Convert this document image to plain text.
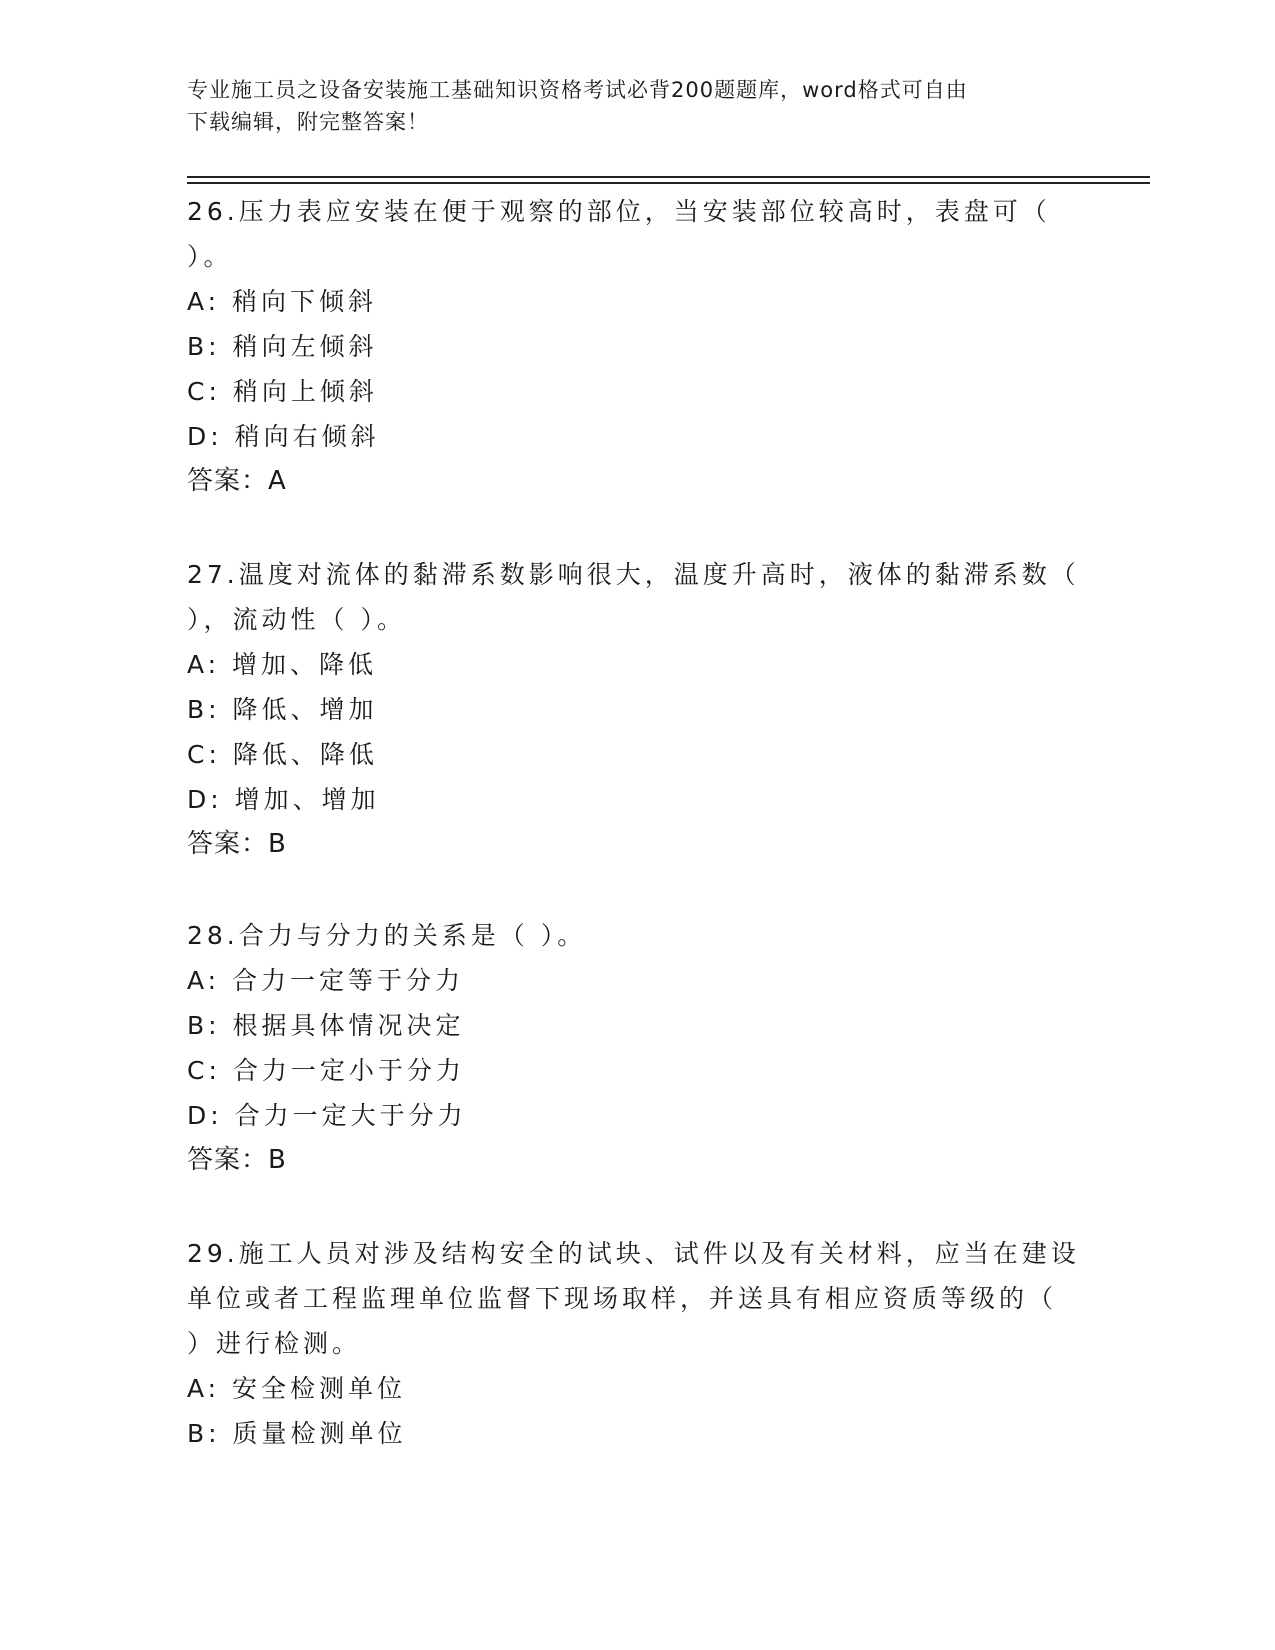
专业施工员之设备安装施工基础知识资格考试必背200题题库，word格式可自由
下载编辑，附完整答案！
26.压力表应安装在便于观察的部位，当安装部位较高时，表盘可（
）。
A: 稍向下倾斜
B: 稍向左倾斜
C: 稍向上倾斜
D: 稍向右倾斜
答案：A
27.温度对流体的黏滞系数影响很大，温度升高时，液体的黏滞系数（
），流动性（ ）。
A: 增加、降低
B: 降低、增加
C: 降低、降低
D: 增加、增加
答案：B
28.合力与分力的关系是（ ）。
A: 合力一定等于分力
B: 根据具体情况决定
C: 合力一定小于分力
D: 合力一定大于分力
答案：B
29.施工人员对涉及结构安全的试块、试件以及有关材料，应当在建设
单位或者工程监理单位监督下现场取样，并送具有相应资质等级的（
）进行检测。
A: 安全检测单位
B: 质量检测单位
